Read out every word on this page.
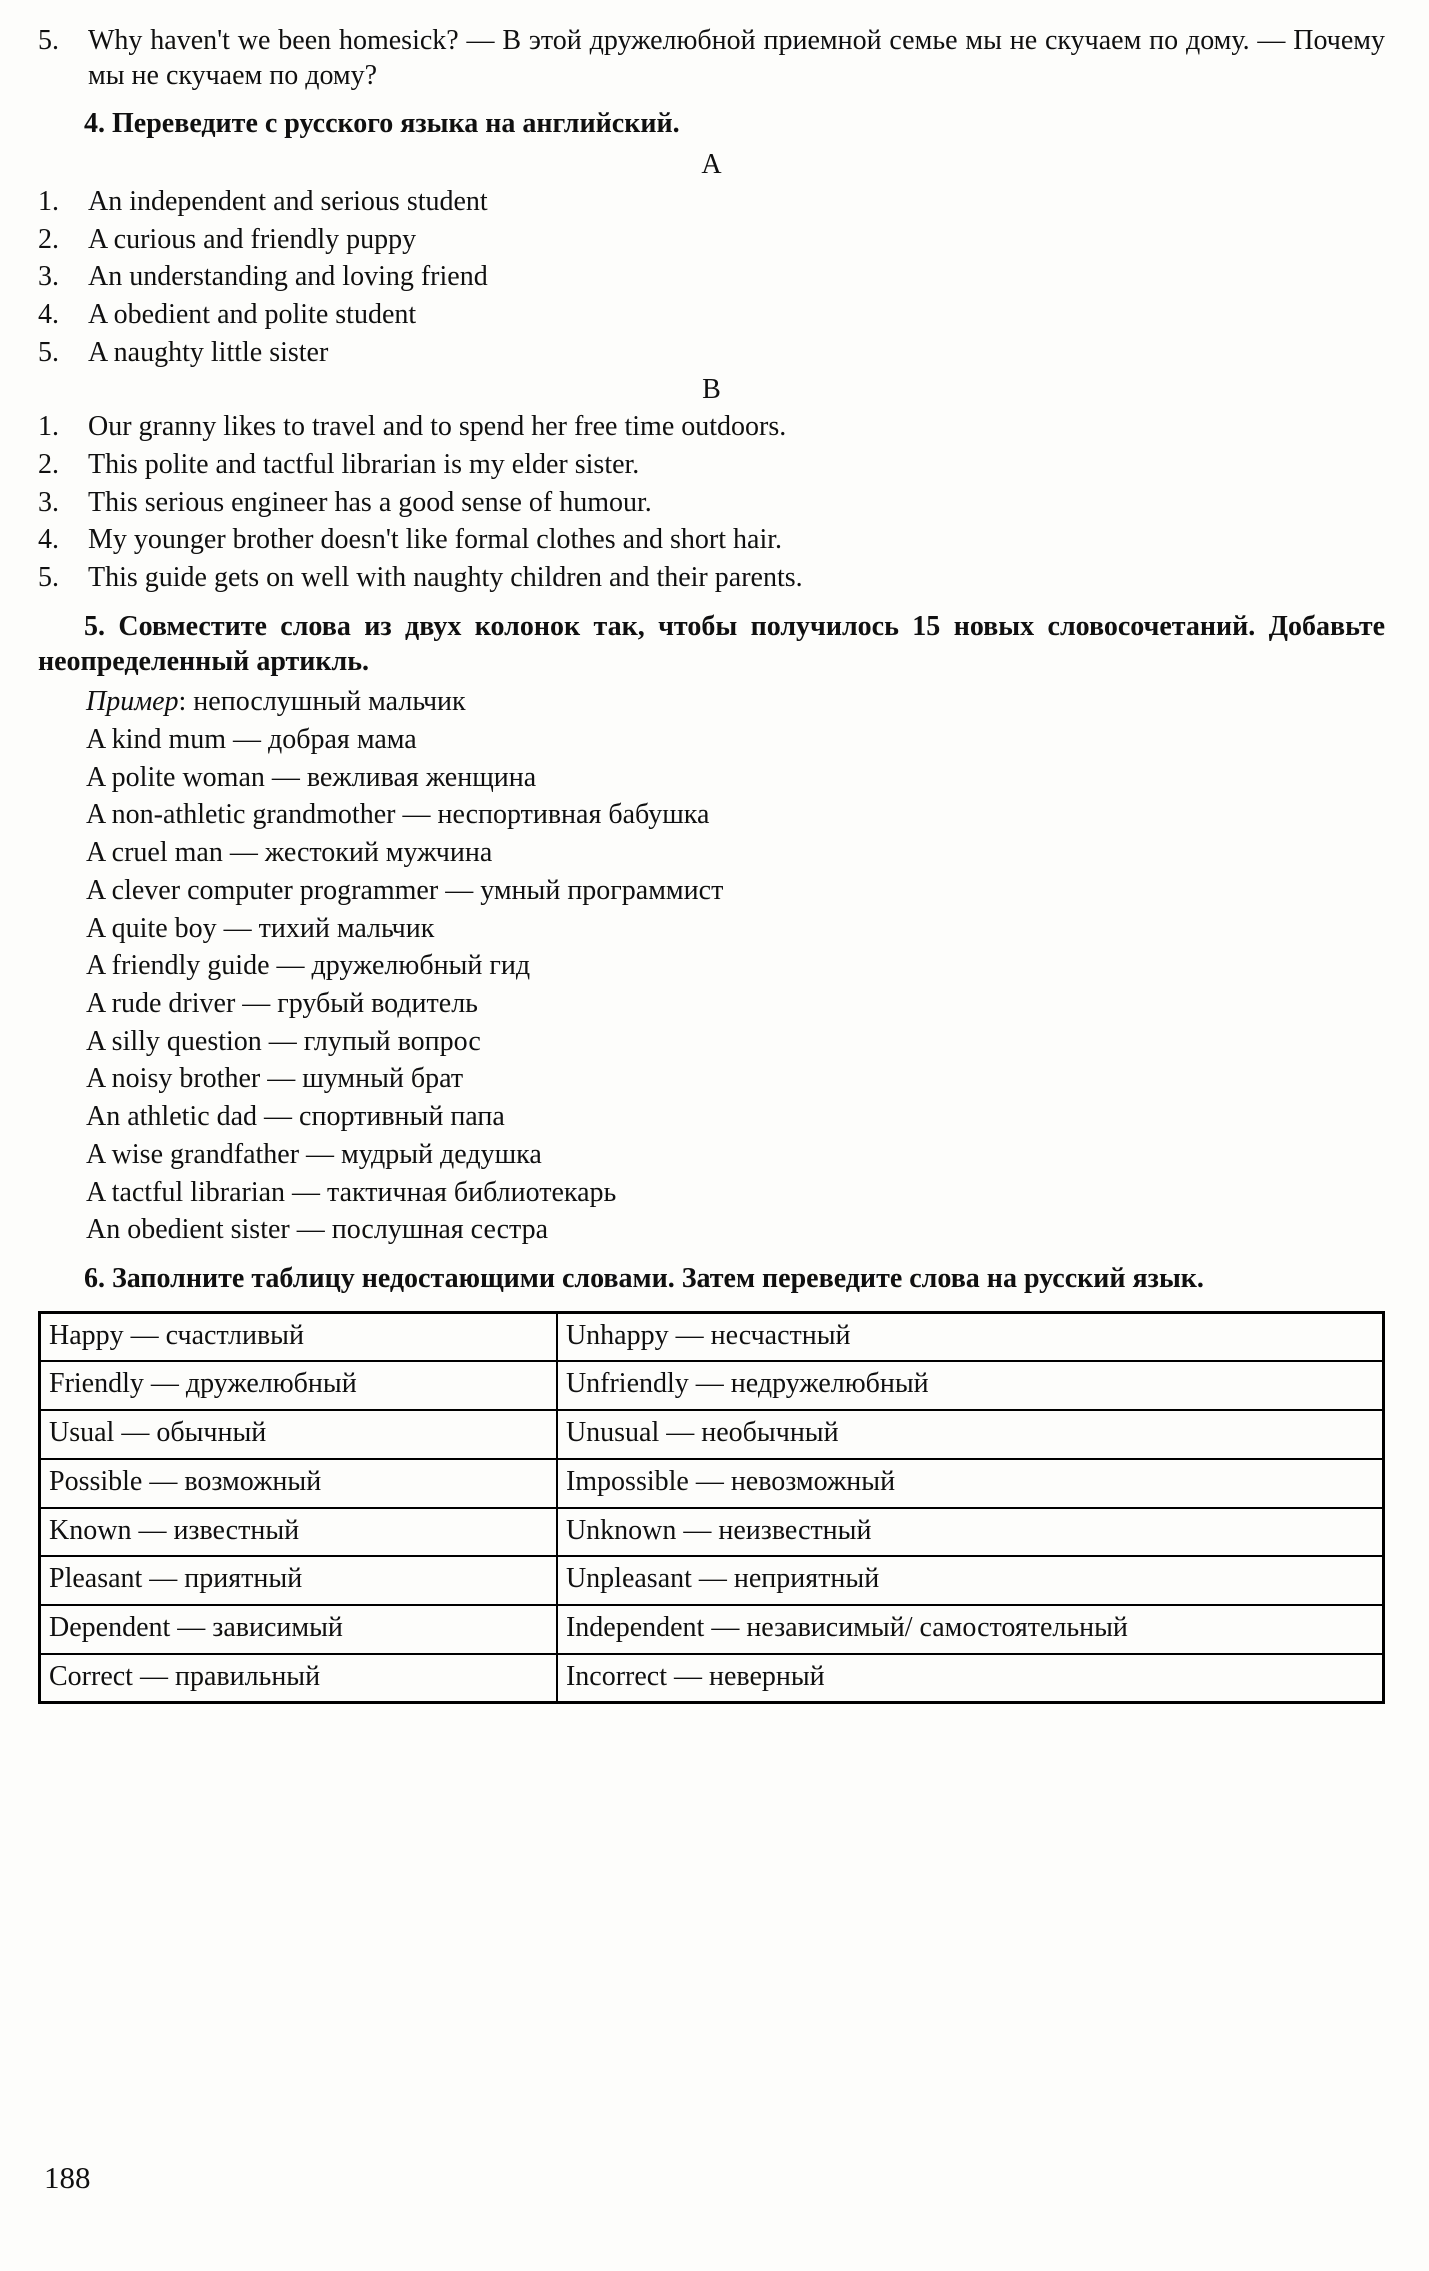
5.	Why haven't we been homesick? — В этой дружелюбной приемной семье мы не скучаем по дому. — Почему мы не скучаем по дому?

4. Переведите с русского языка на английский.

А
1.	An independent and serious student
2.	A curious and friendly puppy
3.	An understanding and loving friend
4.	A obedient and polite student
5.	A naughty little sister
В
1.	Our granny likes to travel and to spend her free time outdoors.
2.	This polite and tactful librarian is my elder sister.
3.	This serious engineer has a good sense of humour.
4.	My younger brother doesn't like formal clothes and short hair.
5.	This guide gets on well with naughty children and their parents.

5. Совместите слова из двух колонок так, чтобы получилось 15 новых словосочетаний. Добавьте неопределенный артикль.

Пример: непослушный мальчик
A kind mum — добрая мама
A polite woman — вежливая женщина
A non-athletic grandmother — неспортивная бабушка
A cruel man — жестокий мужчина
A clever computer programmer — умный программист
A quite boy — тихий мальчик
A friendly guide — дружелюбный гид
A rude driver — грубый водитель
A silly question — глупый вопрос
A noisy brother — шумный брат
An athletic dad — спортивный папа
A wise grandfather — мудрый дедушка
A tactful librarian — тактичная библиотекарь
An obedient sister — послушная сестра

6. Заполните таблицу недостающими словами. Затем переведите слова на русский язык.

Happy — счастливый	Unhappy — несчастный
Friendly — дружелюбный	Unfriendly — недружелюбный
Usual — обычный	Unusual — необычный
Possible — возможный	Impossible — невозможный
Known — известный	Unknown — неизвестный
Pleasant — приятный	Unpleasant — неприятный
Dependent — зависимый	Independent — независимый/ самостоятельный
Correct — правильный	Incorrect — неверный
188
